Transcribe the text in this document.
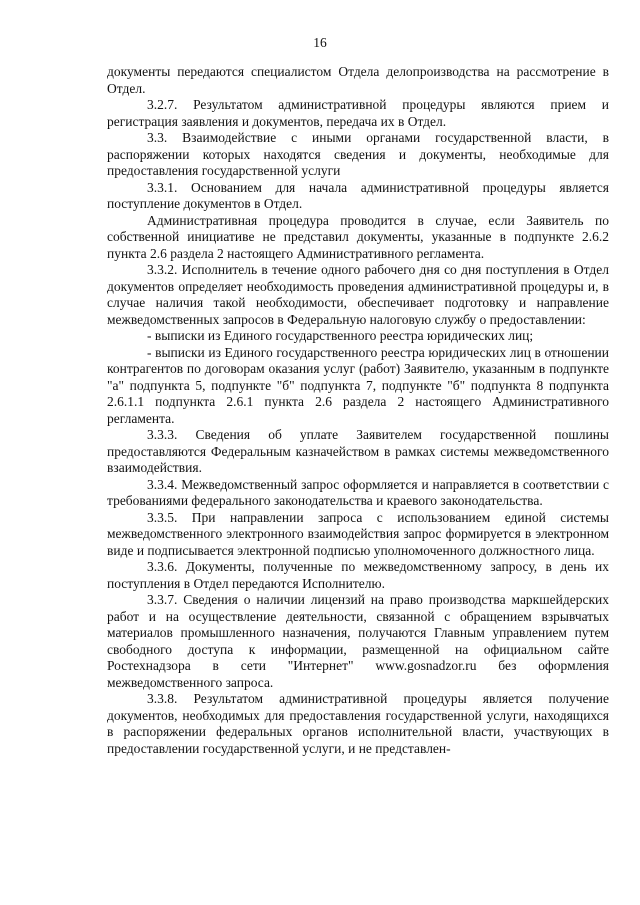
16

документы передаются специалистом Отдела делопроизводства на рассмотрение в Отдел.

3.2.7. Результатом административной процедуры являются прием и регистрация заявления и документов, передача их в Отдел.

3.3. Взаимодействие с иными органами государственной власти, в распоряжении которых находятся сведения и документы, необходимые для предоставления государственной услуги

3.3.1. Основанием для начала административной процедуры является поступление документов в Отдел.

Административная процедура проводится в случае, если Заявитель по собственной инициативе не представил документы, указанные в подпункте 2.6.2 пункта 2.6 раздела 2 настоящего Административного регламента.

3.3.2. Исполнитель в течение одного рабочего дня со дня поступления в Отдел документов определяет необходимость проведения административной процедуры и, в случае наличия такой необходимости, обеспечивает подготовку и направление межведомственных запросов в Федеральную налоговую службу о предоставлении:

- выписки из Единого государственного реестра юридических лиц;

- выписки из Единого государственного реестра юридических лиц в отношении контрагентов по договорам оказания услуг (работ) Заявителю, указанным в подпункте "а" подпункта 5, подпункте "б" подпункта 7, подпункте "б" подпункта 8 подпункта 2.6.1.1 подпункта 2.6.1 пункта 2.6 раздела 2 настоящего Административного регламента.

3.3.3. Сведения об уплате Заявителем государственной пошлины предоставляются Федеральным казначейством в рамках системы межведомственного взаимодействия.

3.3.4. Межведомственный запрос оформляется и направляется в соответствии с требованиями федерального законодательства и краевого законодательства.

3.3.5. При направлении запроса с использованием единой системы межведомственного электронного взаимодействия запрос формируется в электронном виде и подписывается электронной подписью уполномоченного должностного лица.

3.3.6. Документы, полученные по межведомственному запросу, в день их поступления в Отдел передаются Исполнителю.

3.3.7. Сведения о наличии лицензий на право производства маркшейдерских работ и на осуществление деятельности, связанной с обращением взрывчатых материалов промышленного назначения, получаются Главным управлением путем свободного доступа к информации, размещенной на официальном сайте Ростехнадзора в сети "Интернет" www.gosnadzor.ru без оформления межведомственного запроса.

3.3.8. Результатом административной процедуры является получение документов, необходимых для предоставления государственной услуги, находящихся в распоряжении федеральных органов исполнительной власти, участвующих в предоставлении государственной услуги, и не представлен-
